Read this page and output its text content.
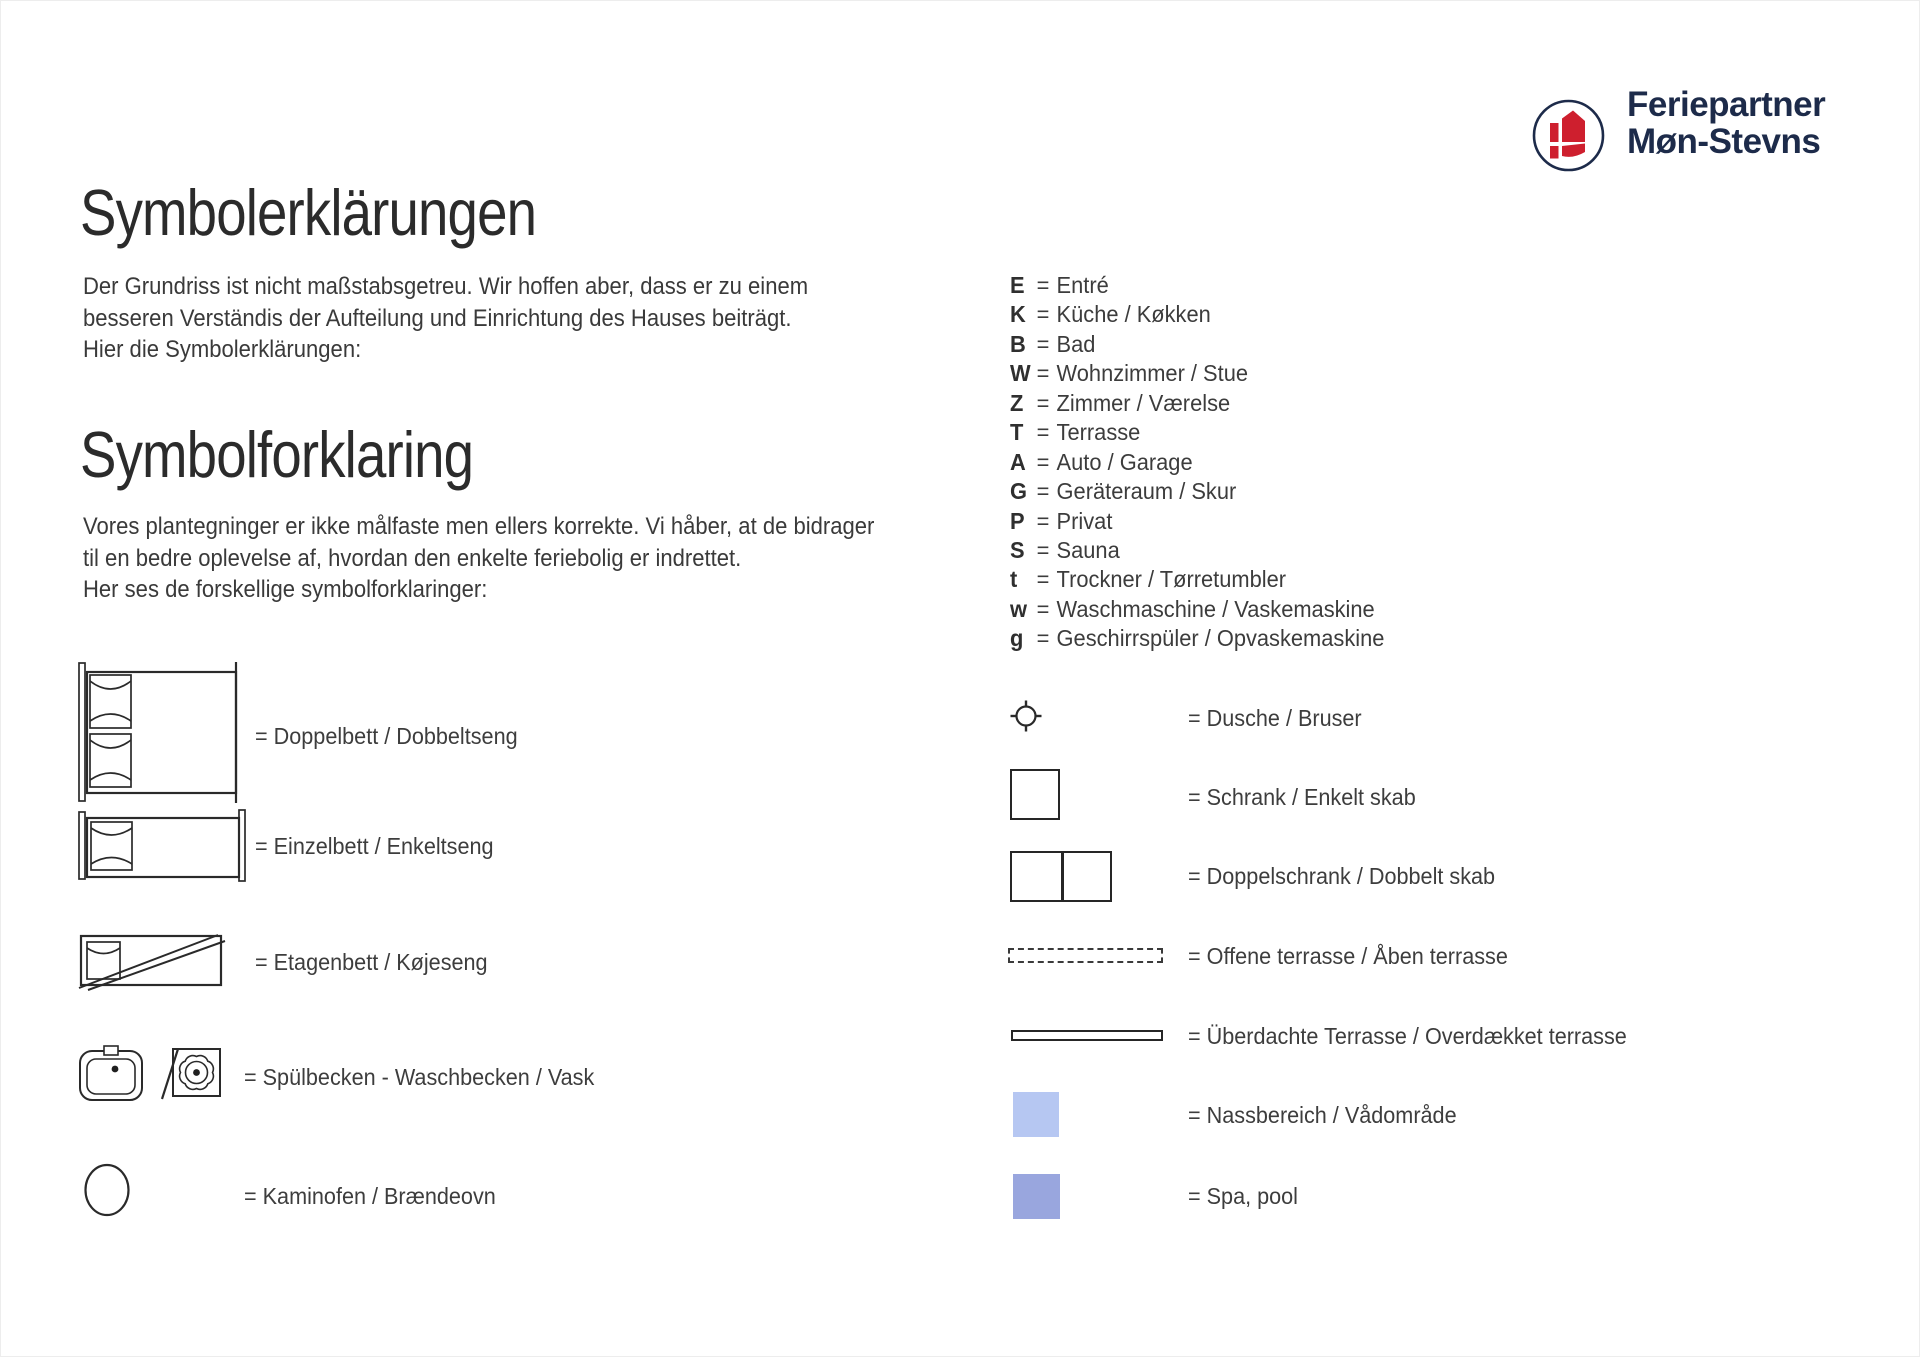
Feriepartner
Møn-Stevns
Symbolerklärungen
Der Grundriss ist nicht maßstabsgetreu. Wir hoffen aber, dass er zu einem
besseren Verständis der Aufteilung und Einrichtung des Hauses beiträgt.
Hier die Symbolerklärungen:
Symbolforklaring
Vores plantegninger er ikke målfaste men ellers korrekte. Vi håber, at de bidrager
til en bedre oplevelse af, hvordan den enkelte feriebolig er indrettet.
Her ses de forskellige symbolforklaringer:
E = Entré
K = Küche / Køkken
B = Bad
W = Wohnzimmer / Stue
Z = Zimmer / Værelse
T = Terrasse
A = Auto / Garage
G = Geräteraum / Skur
P = Privat
S = Sauna
t = Trockner / Tørretumbler
w = Waschmaschine / Vaskemaskine
g = Geschirrspüler / Opvaskemaskine
= Doppelbett / Dobbeltseng
= Einzelbett / Enkeltseng
= Etagenbett / Køjeseng
= Spülbecken - Waschbecken / Vask
= Kaminofen / Brændeovn
= Dusche / Bruser
= Schrank / Enkelt skab
= Doppelschrank / Dobbelt skab
= Offene terrasse / Åben terrasse
= Überdachte Terrasse / Overdækket terrasse
= Nassbereich / Vådområde
= Spa, pool
